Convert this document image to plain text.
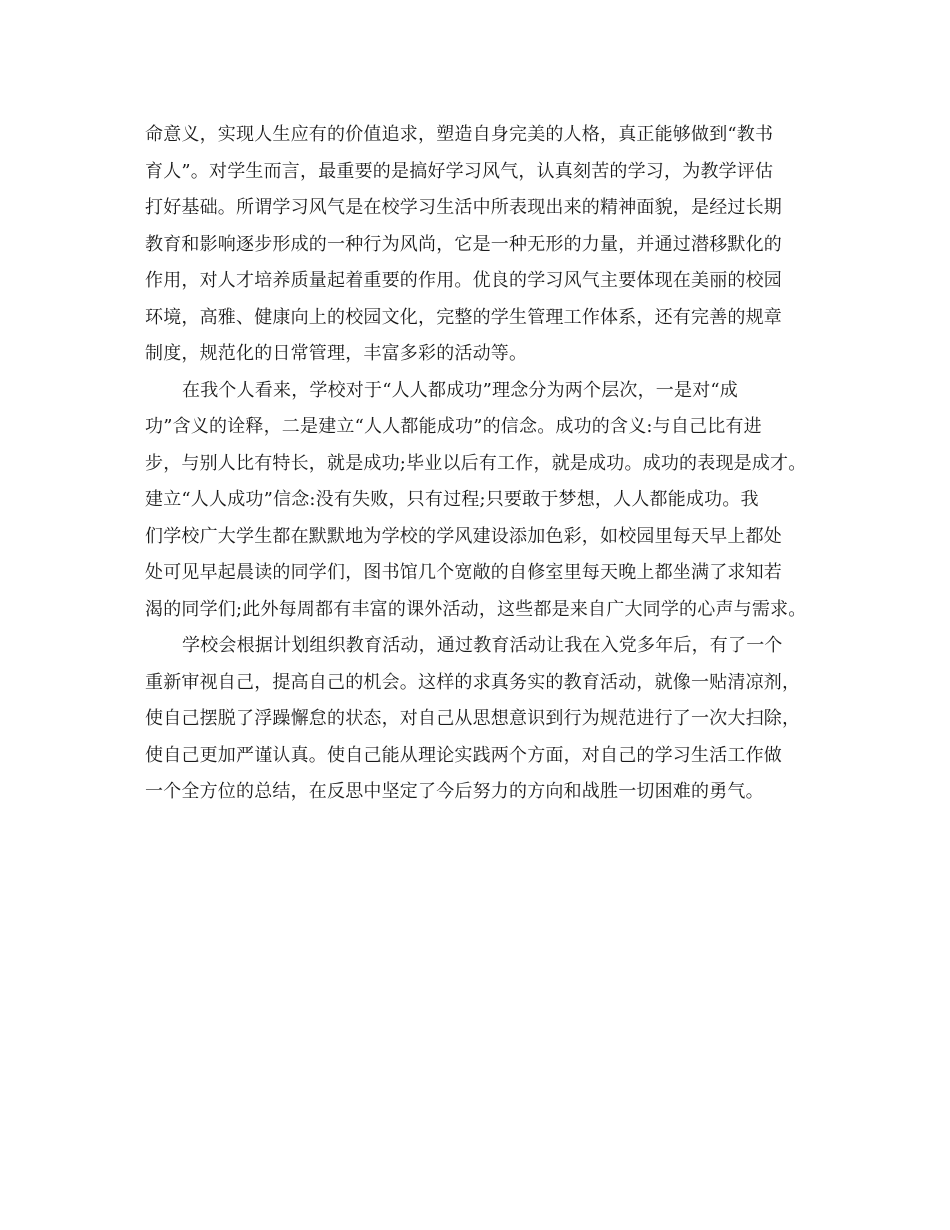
命意义，实现人生应有的价值追求，塑造自身完美的人格，真正能够做到“教书
育人”。对学生而言，最重要的是搞好学习风气，认真刻苦的学习，为教学评估
打好基础。所谓学习风气是在校学习生活中所表现出来的精神面貌，是经过长期
教育和影响逐步形成的一种行为风尚，它是一种无形的力量，并通过潜移默化的
作用，对人才培养质量起着重要的作用。优良的学习风气主要体现在美丽的校园
环境，高雅、健康向上的校园文化，完整的学生管理工作体系，还有完善的规章
制度，规范化的日常管理，丰富多彩的活动等。
在我个人看来，学校对于“人人都成功”理念分为两个层次，一是对“成
功”含义的诠释，二是建立“人人都能成功”的信念。成功的含义:与自己比有进
步，与别人比有特长，就是成功;毕业以后有工作，就是成功。成功的表现是成才。
建立“人人成功”信念:没有失败，只有过程;只要敢于梦想，人人都能成功。我
们学校广大学生都在默默地为学校的学风建设添加色彩，如校园里每天早上都处
处可见早起晨读的同学们，图书馆几个宽敞的自修室里每天晚上都坐满了求知若
渴的同学们;此外每周都有丰富的课外活动，这些都是来自广大同学的心声与需求。
学校会根据计划组织教育活动，通过教育活动让我在入党多年后，有了一个
重新审视自己，提高自己的机会。这样的求真务实的教育活动，就像一贴清凉剂，
使自己摆脱了浮躁懈怠的状态，对自己从思想意识到行为规范进行了一次大扫除，
使自己更加严谨认真。使自己能从理论实践两个方面，对自己的学习生活工作做
一个全方位的总结，在反思中坚定了今后努力的方向和战胜一切困难的勇气。
